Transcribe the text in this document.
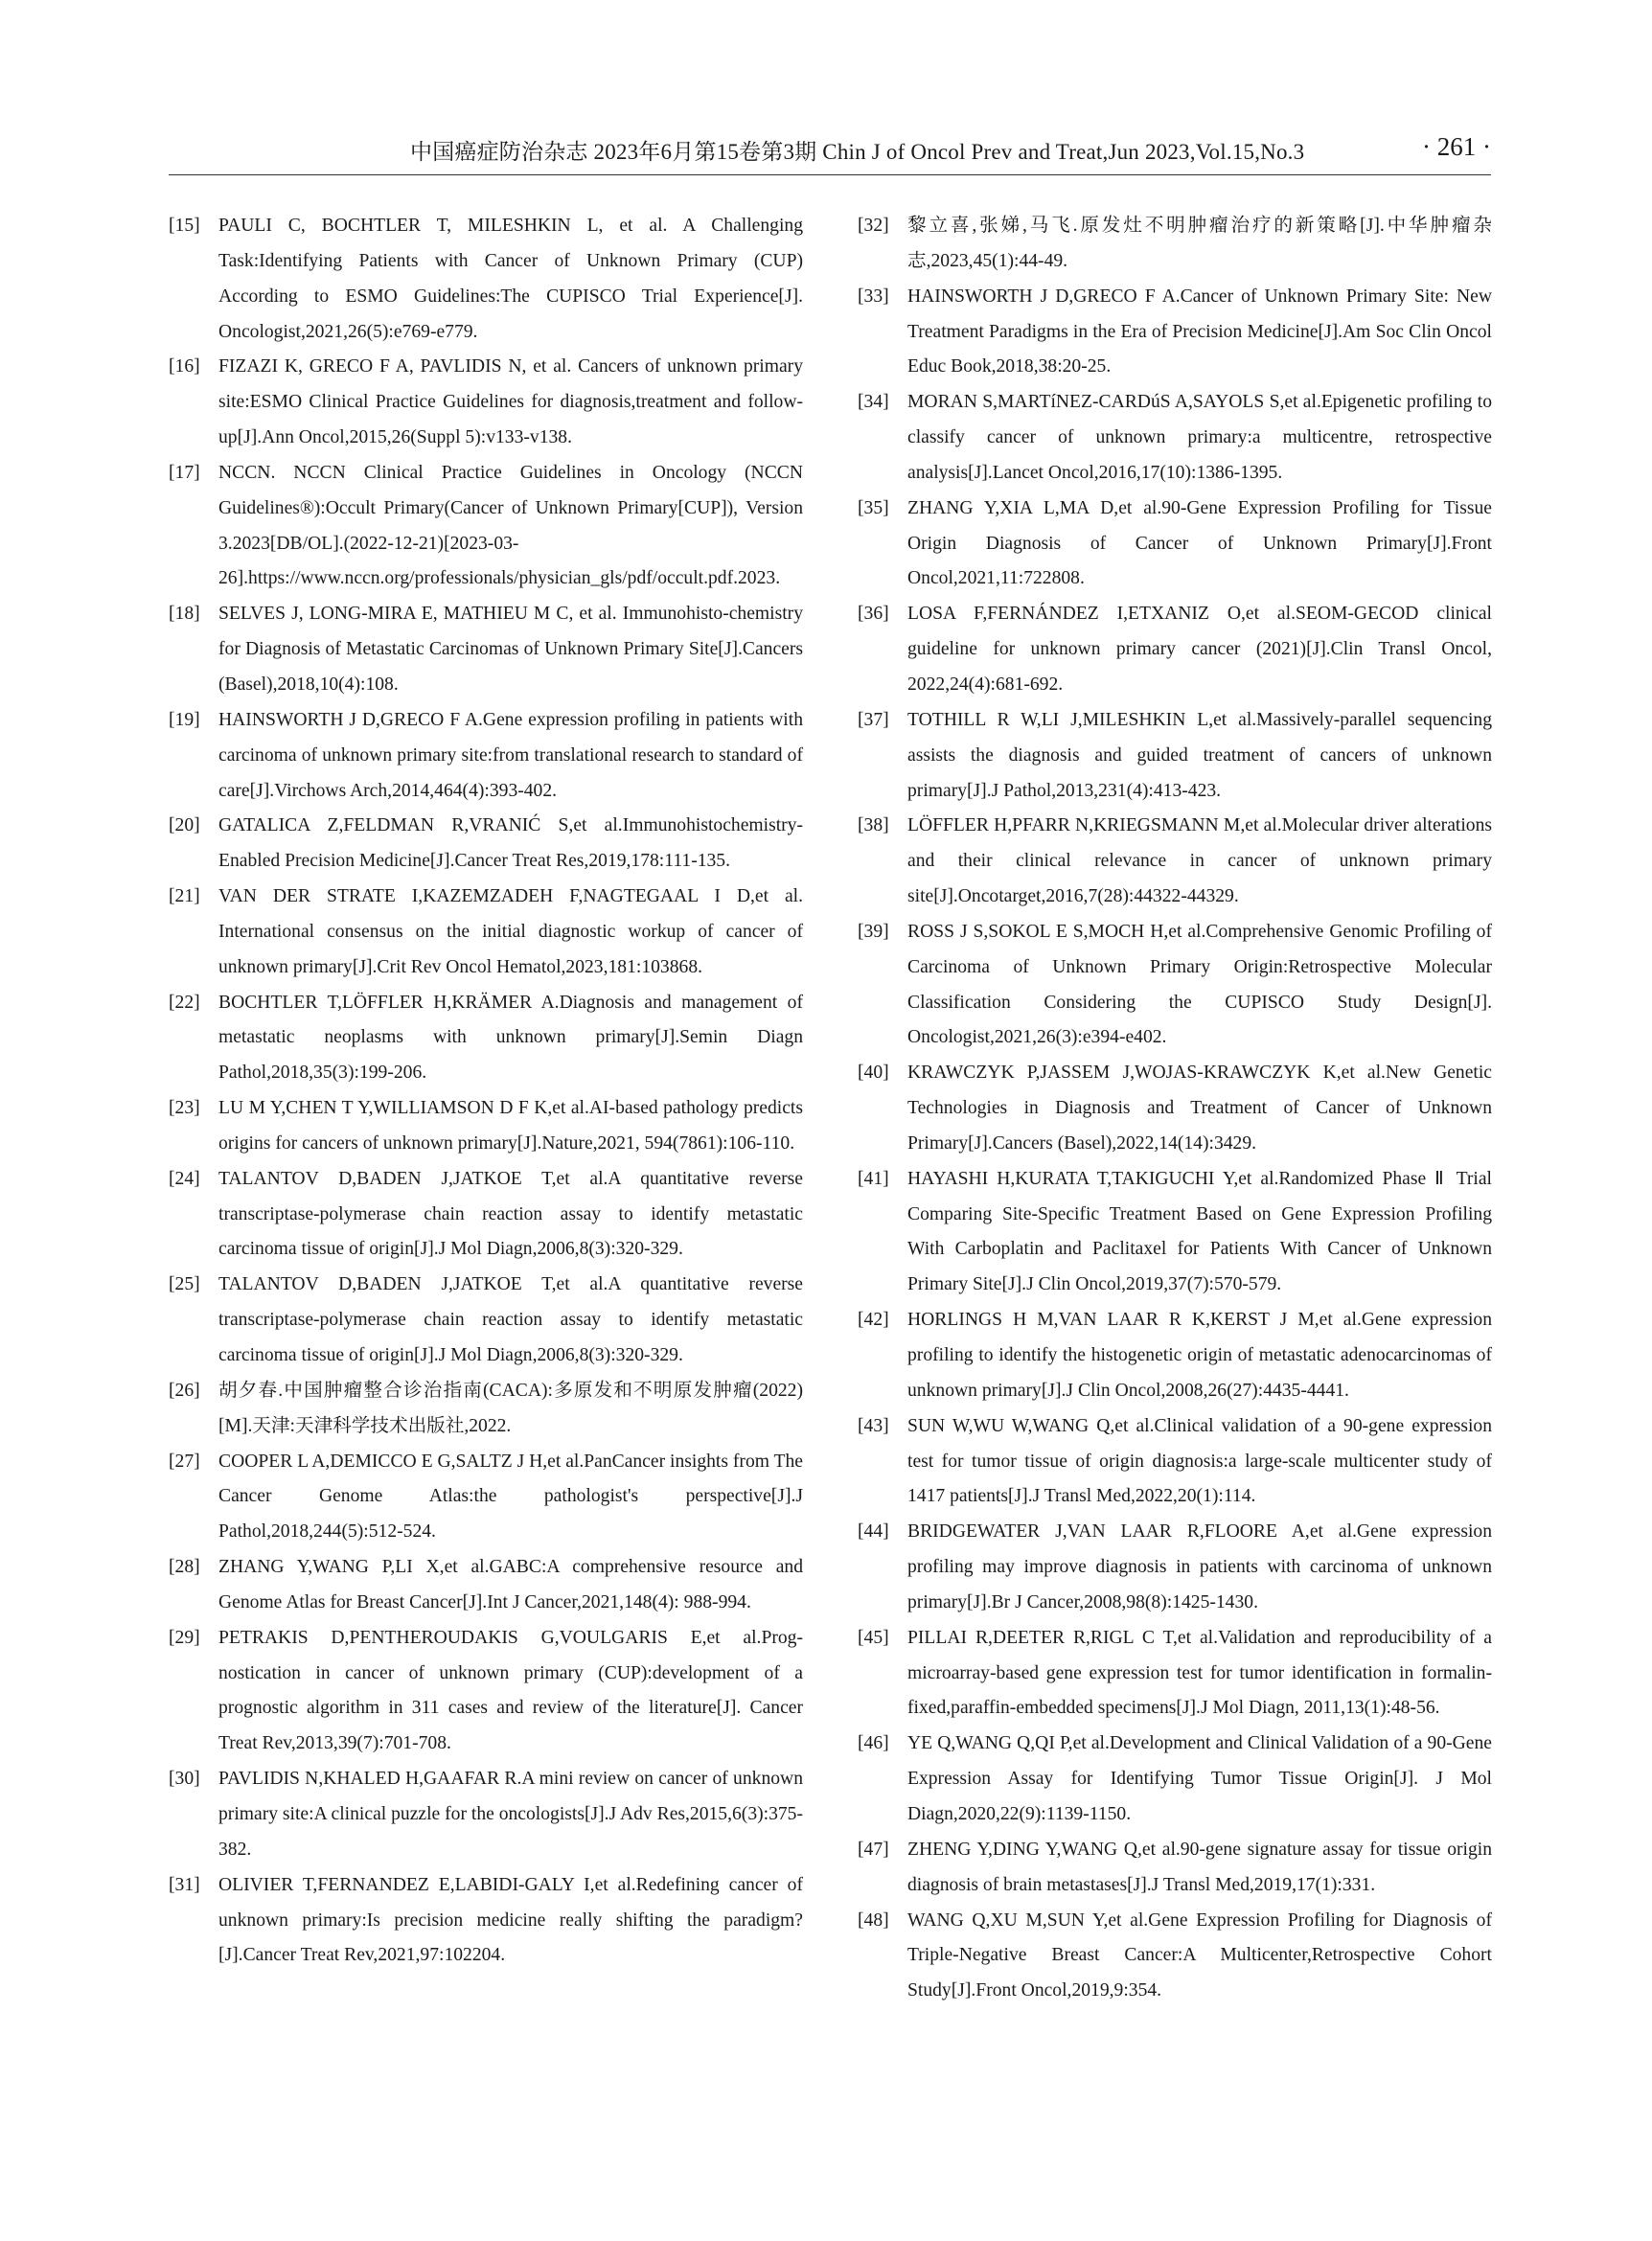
中国癌症防治杂志 2023年6月第15卷第3期 Chin J of Oncol Prev and Treat,Jun 2023,Vol.15,No.3	· 261 ·
[15] PAULI C, BOCHTLER T, MILESHKIN L, et al. A Challenging Task:Identifying Patients with Cancer of Unknown Primary (CUP) According to ESMO Guidelines:The CUPISCO Trial Experience[J]. Oncologist,2021,26(5):e769-e779.
[16] FIZAZI K, GRECO F A, PAVLIDIS N, et al. Cancers of unknown primary site:ESMO Clinical Practice Guidelines for diagnosis,treatment and follow-up[J].Ann Oncol,2015,26(Suppl 5):v133-v138.
[17] NCCN. NCCN Clinical Practice Guidelines in Oncology (NCCN Guidelines®):Occult Primary(Cancer of Unknown Primary[CUP]), Version 3.2023[DB/OL].(2022-12-21)[2023-03-26].https://www.nccn.org/professionals/physician_gls/pdf/occult.pdf.2023.
[18] SELVES J, LONG-MIRA E, MATHIEU M C, et al. Immunohisto-chemistry for Diagnosis of Metastatic Carcinomas of Unknown Primary Site[J].Cancers (Basel),2018,10(4):108.
[19] HAINSWORTH J D,GRECO F A.Gene expression profiling in patients with carcinoma of unknown primary site:from translational research to standard of care[J].Virchows Arch,2014,464(4):393-402.
[20] GATALICA Z,FELDMAN R,VRANIĆ S,et al.Immunohistochemistry-Enabled Precision Medicine[J].Cancer Treat Res,2019,178:111-135.
[21] VAN DER STRATE I,KAZEMZADEH F,NAGTEGAAL I D,et al. International consensus on the initial diagnostic workup of cancer of unknown primary[J].Crit Rev Oncol Hematol,2023,181:103868.
[22] BOCHTLER T,LÖFFLER H,KRÄMER A.Diagnosis and management of metastatic neoplasms with unknown primary[J].Semin Diagn Pathol,2018,35(3):199-206.
[23] LU M Y,CHEN T Y,WILLIAMSON D F K,et al.AI-based pathology predicts origins for cancers of unknown primary[J].Nature,2021, 594(7861):106-110.
[24] TALANTOV D,BADEN J,JATKOE T,et al.A quantitative reverse transcriptase-polymerase chain reaction assay to identify metastatic carcinoma tissue of origin[J].J Mol Diagn,2006,8(3):320-329.
[25] TALANTOV D,BADEN J,JATKOE T,et al.A quantitative reverse transcriptase-polymerase chain reaction assay to identify metastatic carcinoma tissue of origin[J].J Mol Diagn,2006,8(3):320-329.
[26] 胡夕春.中国肿瘤整合诊治指南(CACA):多原发和不明原发肿瘤(2022)[M].天津:天津科学技术出版社,2022.
[27] COOPER L A,DEMICCO E G,SALTZ J H,et al.PanCancer insights from The Cancer Genome Atlas:the pathologist's perspective[J].J Pathol,2018,244(5):512-524.
[28] ZHANG Y,WANG P,LI X,et al.GABC:A comprehensive resource and Genome Atlas for Breast Cancer[J].Int J Cancer,2021,148(4): 988-994.
[29] PETRAKIS D,PENTHEROUDAKIS G,VOULGARIS E,et al.Prog-nostication in cancer of unknown primary (CUP):development of a prognostic algorithm in 311 cases and review of the literature[J]. Cancer Treat Rev,2013,39(7):701-708.
[30] PAVLIDIS N,KHALED H,GAAFAR R.A mini review on cancer of unknown primary site:A clinical puzzle for the oncologists[J].J Adv Res,2015,6(3):375-382.
[31] OLIVIER T,FERNANDEZ E,LABIDI-GALY I,et al.Redefining cancer of unknown primary:Is precision medicine really shifting the paradigm?[J].Cancer Treat Rev,2021,97:102204.
[32] 黎立喜,张娣,马飞.原发灶不明肿瘤治疗的新策略[J].中华肿瘤杂志,2023,45(1):44-49.
[33] HAINSWORTH J D,GRECO F A.Cancer of Unknown Primary Site: New Treatment Paradigms in the Era of Precision Medicine[J].Am Soc Clin Oncol Educ Book,2018,38:20-25.
[34] MORAN S,MARTíNEZ-CARDúS A,SAYOLS S,et al.Epigenetic profiling to classify cancer of unknown primary:a multicentre, retrospective analysis[J].Lancet Oncol,2016,17(10):1386-1395.
[35] ZHANG Y,XIA L,MA D,et al.90-Gene Expression Profiling for Tissue Origin Diagnosis of Cancer of Unknown Primary[J].Front Oncol,2021,11:722808.
[36] LOSA F,FERNÁNDEZ I,ETXANIZ O,et al.SEOM-GECOD clinical guideline for unknown primary cancer (2021)[J].Clin Transl Oncol, 2022,24(4):681-692.
[37] TOTHILL R W,LI J,MILESHKIN L,et al.Massively-parallel sequencing assists the diagnosis and guided treatment of cancers of unknown primary[J].J Pathol,2013,231(4):413-423.
[38] LÖFFLER H,PFARR N,KRIEGSMANN M,et al.Molecular driver alterations and their clinical relevance in cancer of unknown primary site[J].Oncotarget,2016,7(28):44322-44329.
[39] ROSS J S,SOKOL E S,MOCH H,et al.Comprehensive Genomic Profiling of Carcinoma of Unknown Primary Origin:Retrospective Molecular Classification Considering the CUPISCO Study Design[J]. Oncologist,2021,26(3):e394-e402.
[40] KRAWCZYK P,JASSEM J,WOJAS-KRAWCZYK K,et al.New Genetic Technologies in Diagnosis and Treatment of Cancer of Unknown Primary[J].Cancers (Basel),2022,14(14):3429.
[41] HAYASHI H,KURATA T,TAKIGUCHI Y,et al.Randomized Phase Ⅱ Trial Comparing Site-Specific Treatment Based on Gene Expression Profiling With Carboplatin and Paclitaxel for Patients With Cancer of Unknown Primary Site[J].J Clin Oncol,2019,37(7):570-579.
[42] HORLINGS H M,VAN LAAR R K,KERST J M,et al.Gene expression profiling to identify the histogenetic origin of metastatic adenocarcinomas of unknown primary[J].J Clin Oncol,2008,26(27):4435-4441.
[43] SUN W,WU W,WANG Q,et al.Clinical validation of a 90-gene expression test for tumor tissue of origin diagnosis:a large-scale multicenter study of 1417 patients[J].J Transl Med,2022,20(1):114.
[44] BRIDGEWATER J,VAN LAAR R,FLOORE A,et al.Gene expression profiling may improve diagnosis in patients with carcinoma of unknown primary[J].Br J Cancer,2008,98(8):1425-1430.
[45] PILLAI R,DEETER R,RIGL C T,et al.Validation and reproducibility of a microarray-based gene expression test for tumor identification in formalin-fixed,paraffin-embedded specimens[J].J Mol Diagn, 2011,13(1):48-56.
[46] YE Q,WANG Q,QI P,et al.Development and Clinical Validation of a 90-Gene Expression Assay for Identifying Tumor Tissue Origin[J]. J Mol Diagn,2020,22(9):1139-1150.
[47] ZHENG Y,DING Y,WANG Q,et al.90-gene signature assay for tissue origin diagnosis of brain metastases[J].J Transl Med,2019,17(1):331.
[48] WANG Q,XU M,SUN Y,et al.Gene Expression Profiling for Diagnosis of Triple-Negative Breast Cancer:A Multicenter,Retrospective Cohort Study[J].Front Oncol,2019,9:354.
